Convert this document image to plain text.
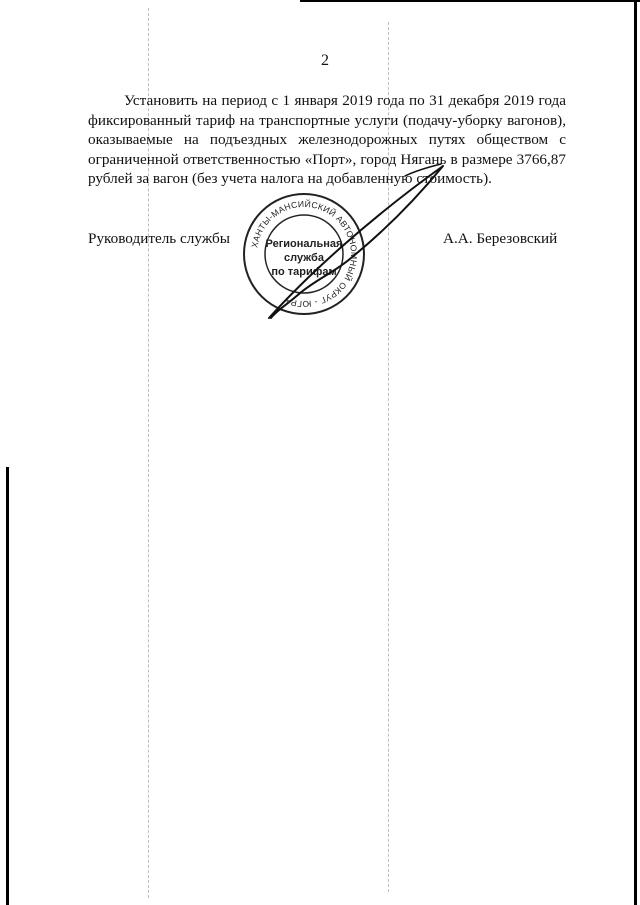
2

Установить на период с 1 января 2019 года по 31 декабря 2019 года фиксированный тариф на транспортные услуги (подачу-уборку вагонов), оказываемые на подъездных железнодорожных путях обществом с ограниченной ответственностью «Порт», город Нягань в размере 3766,87 рублей за вагон (без учета налога на добавленную стоимость).

Руководитель службы	А.А. Березовский
ХАНТЫ-МАНСИЙСКИЙ АВТОНОМНЫЙ ОКРУГ - ЮГРА
Региональная
служба
по тарифам
